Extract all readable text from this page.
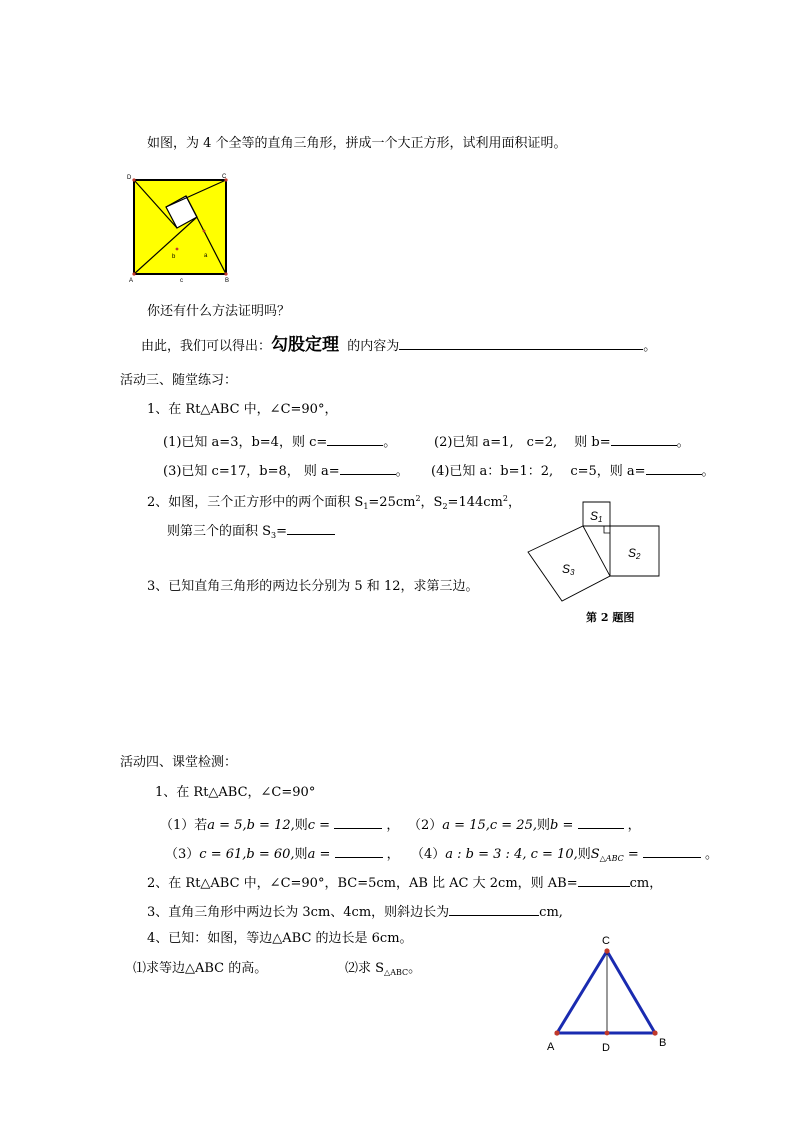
如图，为 4 个全等的直角三角形，拼成一个大正方形，试利用面积证明。
D	C
A	B
a
b
c
你还有什么方法证明吗？
由此，我们可以得出：勾股定理 的内容为	。
活动三、随堂练习：
1、在 Rt△ABC 中，∠C=90°，
(1)已知 a=3，b=4，则 c=	。	(2)已知 a=1,　c=2,　 则 b=	。
(3)已知 c=17，b=8， 则 a=	。 (4)已知 a：b=1：2,　 c=5，则 a=	。
2、如图，三个正方形中的两个面积 $S_1=25cm^2$，$S_2=144cm^2$，
则第三个的面积 $S_3=$
S1
S2
S3
第 2 题图
3、已知直角三角形的两边长分别为 5 和 12，求第三边。
活动四、课堂检测：
1、在 Rt△ABC，∠C=90°
（1）若a = 5,b = 12,则c =	， （2）a = 15,c = 25,则b =	，
（3）c = 61,b = 60,则a =	， （4）a : b = 3 : 4, c = 10,则$S_{\triangle ABC}$ =	。
2、在 Rt△ABC 中，∠C=90°，BC=5cm，AB 比 AC 大 2cm，则 AB=	cm，
3、直角三角形中两边长为 3cm、4cm，则斜边长为	cm,
4、已知：如图，等边△ABC 的边长是 6cm。
⑴求等边△ABC 的高。	⑵求 $S_{\triangle ABC}$。
C
A	D	B
